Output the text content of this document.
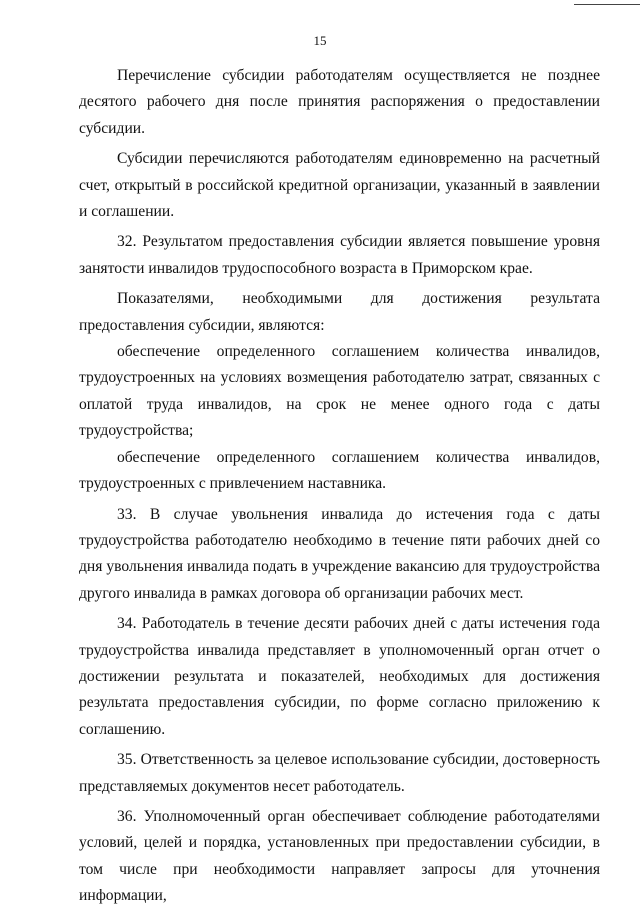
15

Перечисление субсидии работодателям осуществляется не позднее десятого рабочего дня после принятия распоряжения о предоставлении субсидии.

Субсидии перечисляются работодателям единовременно на расчетный счет, открытый в российской кредитной организации, указанный в заявлении и соглашении.

32. Результатом предоставления субсидии является повышение уровня занятости инвалидов трудоспособного возраста в Приморском крае.

Показателями, необходимыми для достижения результата предоставления субсидии, являются:

обеспечение определенного соглашением количества инвалидов, трудоустроенных на условиях возмещения работодателю затрат, связанных с оплатой труда инвалидов, на срок не менее одного года с даты трудоустройства;

обеспечение определенного соглашением количества инвалидов, трудоустроенных с привлечением наставника.

33. В случае увольнения инвалида до истечения года с даты трудоустройства работодателю необходимо в течение пяти рабочих дней со дня увольнения инвалида подать в учреждение вакансию для трудоустройства другого инвалида в рамках договора об организации рабочих мест.

34. Работодатель в течение десяти рабочих дней с даты истечения года трудоустройства инвалида представляет в уполномоченный орган отчет о достижении результата и показателей, необходимых для достижения результата предоставления субсидии, по форме согласно приложению к соглашению.

35. Ответственность за целевое использование субсидии, достоверность представляемых документов несет работодатель.

36. Уполномоченный орган обеспечивает соблюдение работодателями условий, целей и порядка, установленных при предоставлении субсидии, в том числе при необходимости направляет запросы для уточнения информации,
